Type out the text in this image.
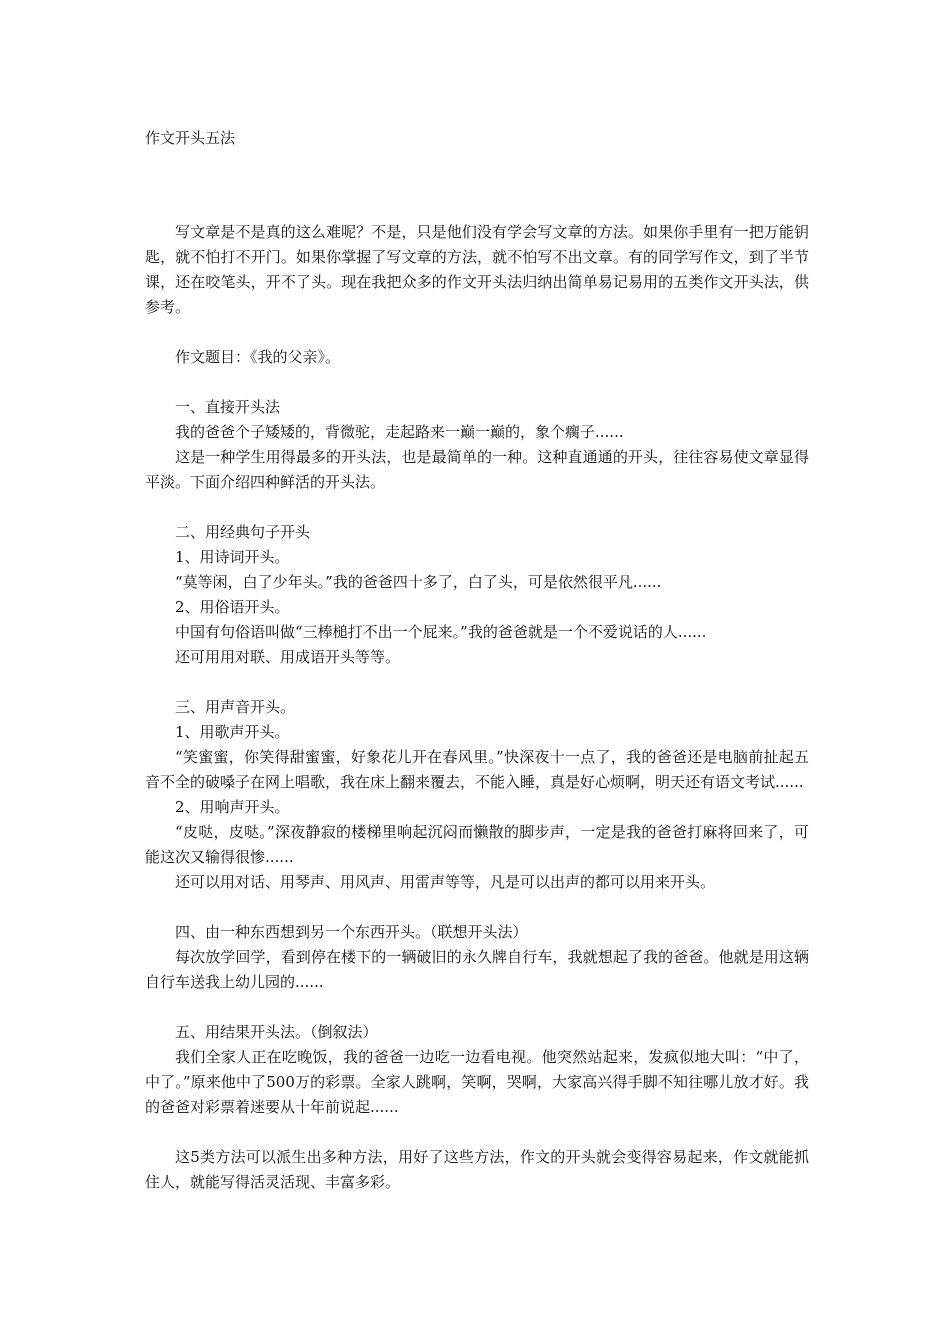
作文开头五法

写文章是不是真的这么难呢？不是，只是他们没有学会写文章的方法。如果你手里有一把万能钥匙，就不怕打不开门。如果你掌握了写文章的方法，就不怕写不出文章。有的同学写作文，到了半节课，还在咬笔头，开不了头。现在我把众多的作文开头法归纳出简单易记易用的五类作文开头法，供参考。

作文题目：《我的父亲》。

一、直接开头法

我的爸爸个子矮矮的，背微驼，走起路来一巅一巅的，象个瘸子......

这是一种学生用得最多的开头法，也是最简单的一种。这种直通通的开头，往往容易使文章显得平淡。下面介绍四种鲜活的开头法。

二、用经典句子开头

1、用诗词开头。

“莫等闲，白了少年头。”我的爸爸四十多了，白了头，可是依然很平凡......

2、用俗语开头。

中国有句俗语叫做“三棒槌打不出一个屁来。”我的爸爸就是一个不爱说话的人......

还可用用对联、用成语开头等等。

三、用声音开头。

1、用歌声开头。

“笑蜜蜜，你笑得甜蜜蜜，好象花儿开在春风里。”快深夜十一点了，我的爸爸还是电脑前扯起五音不全的破嗓子在网上唱歌，我在床上翻来覆去，不能入睡，真是好心烦啊，明天还有语文考试......

2、用响声开头。

“皮哒，皮哒。”深夜静寂的楼梯里响起沉闷而懒散的脚步声，一定是我的爸爸打麻将回来了，可能这次又输得很惨......

还可以用对话、用琴声、用风声、用雷声等等，凡是可以出声的都可以用来开头。

四、由一种东西想到另一个东西开头。（联想开头法）

每次放学回学，看到停在楼下的一辆破旧的永久牌自行车，我就想起了我的爸爸。他就是用这辆自行车送我上幼儿园的......

五、用结果开头法。（倒叙法）

我们全家人正在吃晚饭，我的爸爸一边吃一边看电视。他突然站起来，发疯似地大叫：“中了，中了。”原来他中了500万的彩票。全家人跳啊，笑啊，哭啊，大家高兴得手脚不知往哪儿放才好。我的爸爸对彩票着迷要从十年前说起......

这5类方法可以派生出多种方法，用好了这些方法，作文的开头就会变得容易起来，作文就能抓住人，就能写得活灵活现、丰富多彩。
